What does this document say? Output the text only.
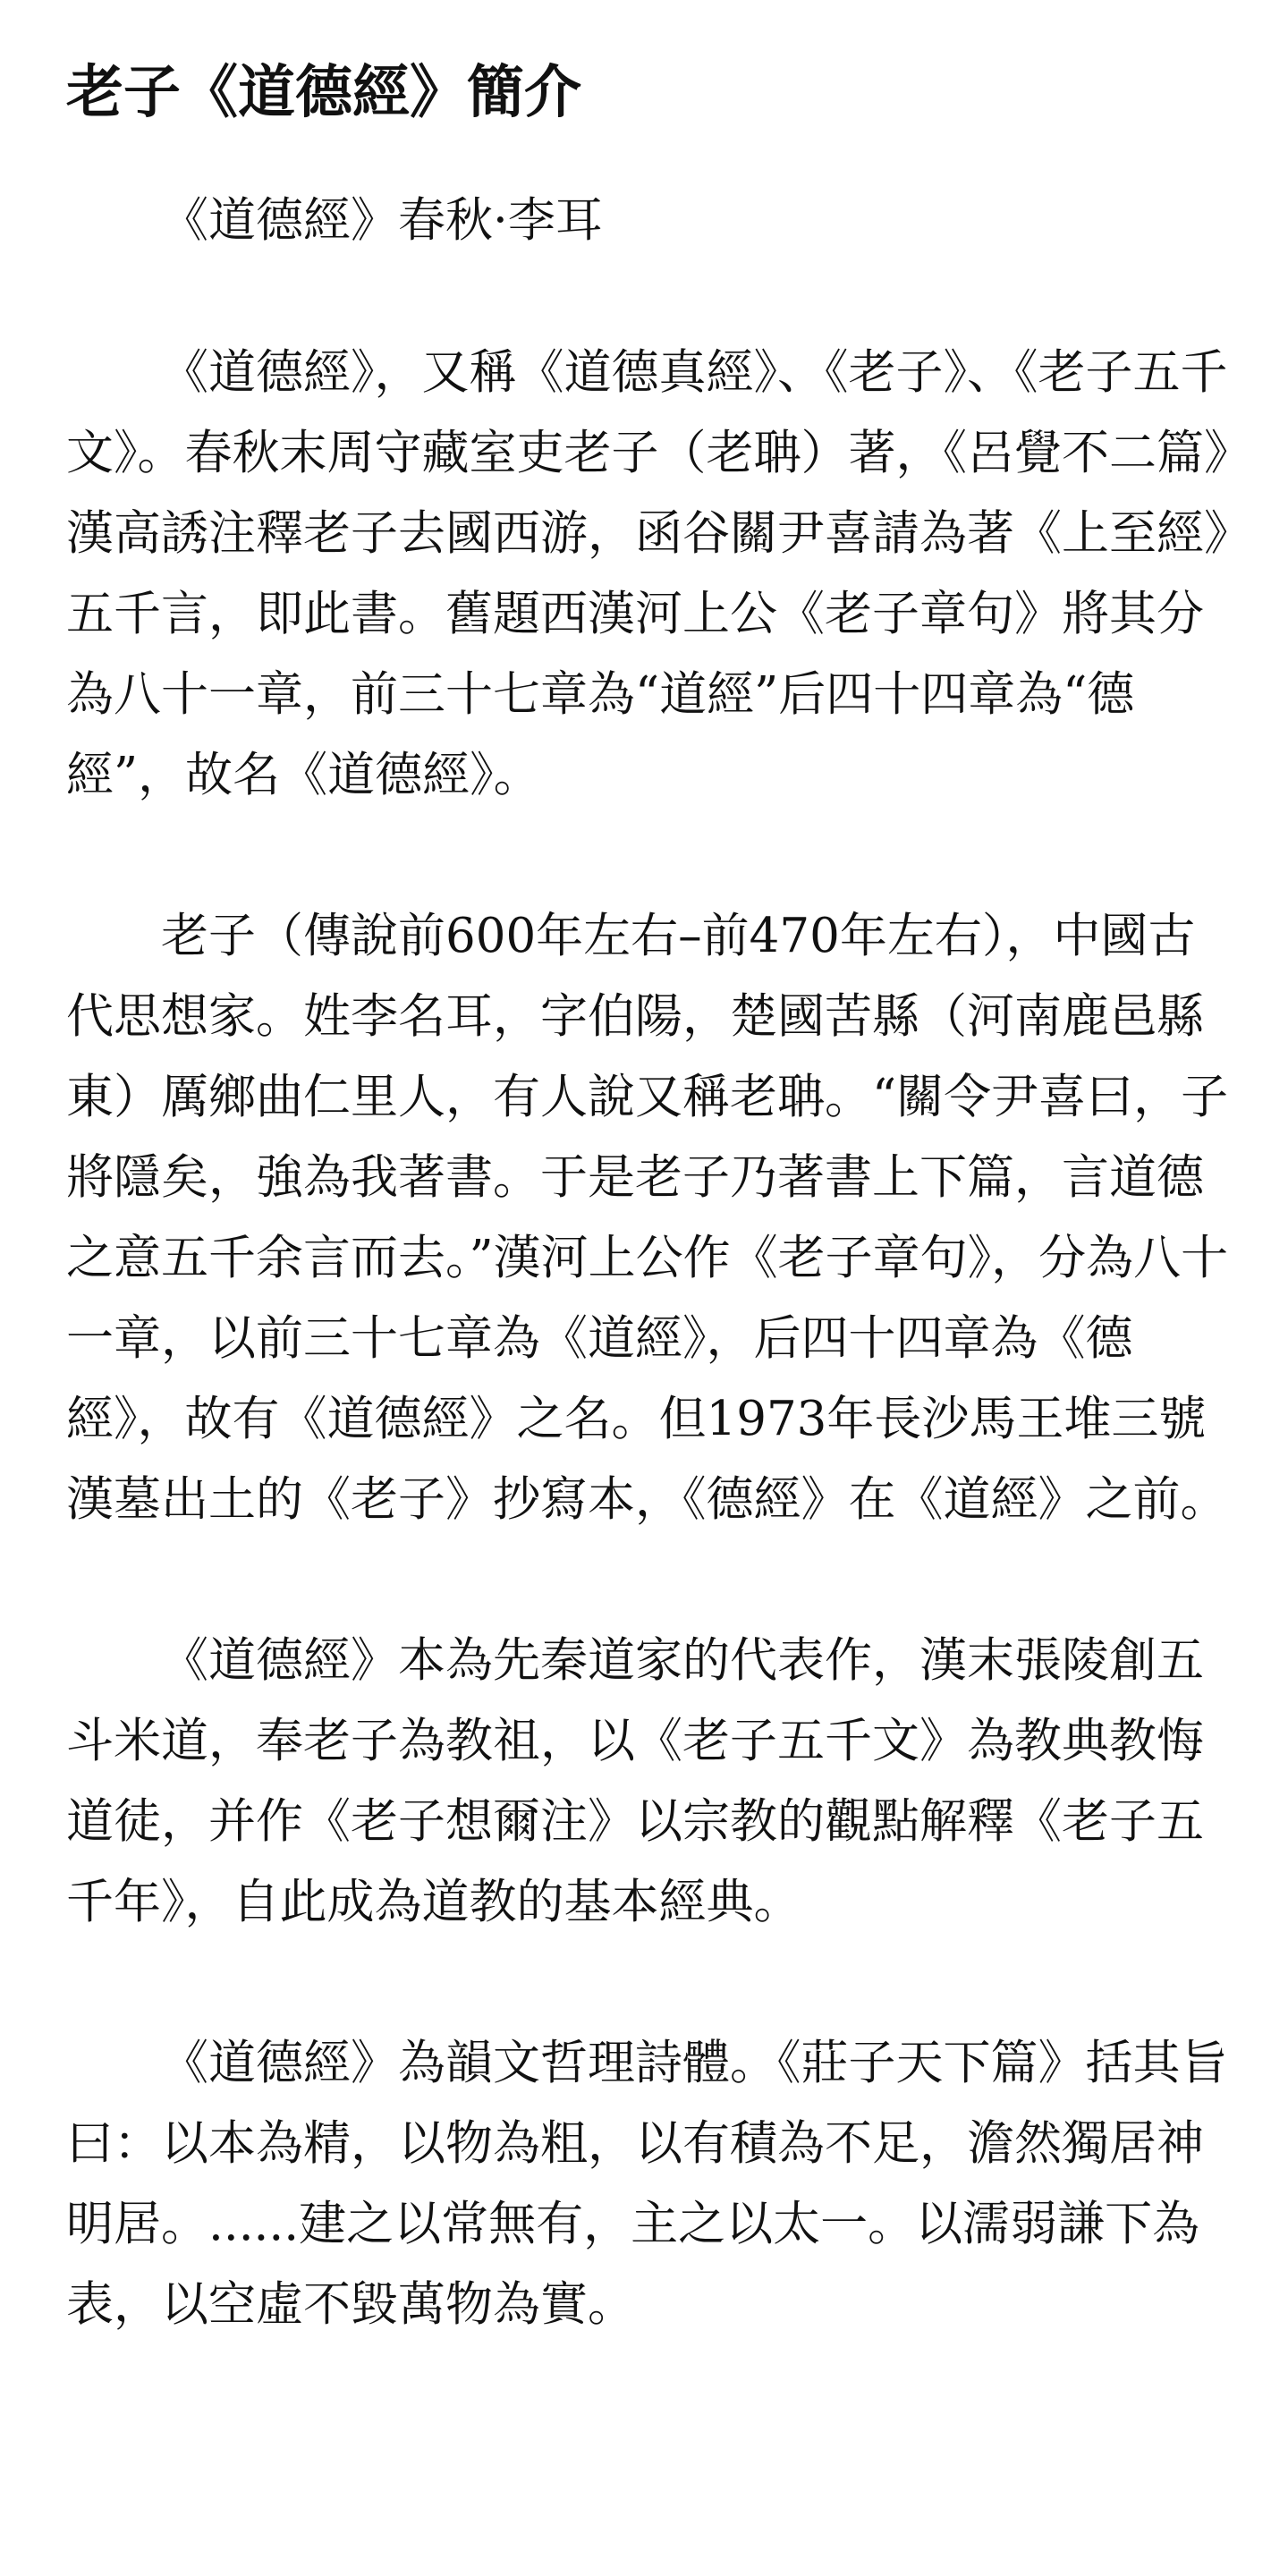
老子《道德經》簡介

《道德經》春秋·李耳

《道德經》，又稱《道德真經》、《老子》、《老子五千文》。春秋末周守藏室吏老子（老聃）著，《呂覺不二篇》漢高誘注釋老子去國西游，函谷關尹喜請為著《上至經》五千言，即此書。舊題西漢河上公《老子章句》將其分為八十一章，前三十七章為“道經”后四十四章為“德經”，故名《道德經》。

老子（傳說前600年左右–前470年左右），中國古代思想家。姓李名耳，字伯陽，楚國苦縣（河南鹿邑縣東）厲鄉曲仁里人，有人說又稱老聃。“關令尹喜曰，子將隱矣，強為我著書。于是老子乃著書上下篇，言道德之意五千余言而去。”漢河上公作《老子章句》，分為八十一章，以前三十七章為《道經》，后四十四章為《德經》，故有《道德經》之名。但1973年長沙馬王堆三號漢墓出土的《老子》抄寫本，《德經》在《道經》之前。

《道德經》本為先秦道家的代表作，漢末張陵創五斗米道，奉老子為教祖，以《老子五千文》為教典教悔道徒，并作《老子想爾注》以宗教的觀點解釋《老子五千年》，自此成為道教的基本經典。

《道德經》為韻文哲理詩體。《莊子天下篇》括其旨曰：以本為精，以物為粗，以有積為不足，澹然獨居神明居。......建之以常無有，主之以太一。以濡弱謙下為表，以空虛不毀萬物為實。
